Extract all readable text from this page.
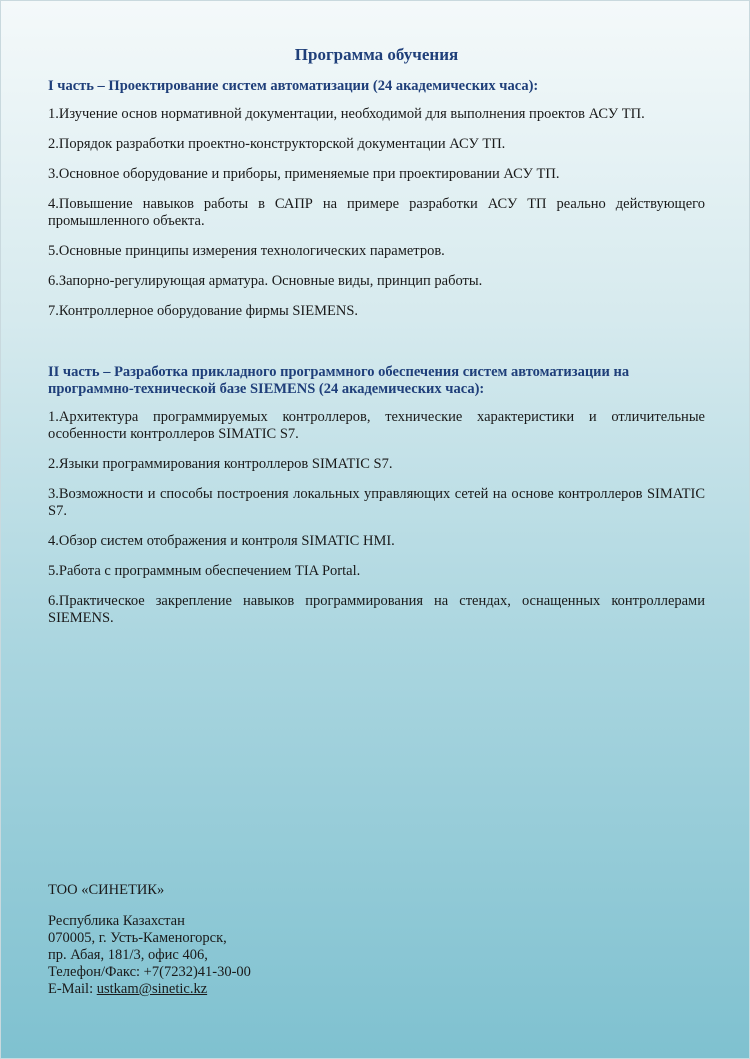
Программа обучения
I часть – Проектирование систем автоматизации (24 академических часа):
1.Изучение основ нормативной документации, необходимой для выполнения проектов АСУ ТП.
2.Порядок разработки проектно-конструкторской документации АСУ ТП.
3.Основное оборудование и приборы, применяемые при проектировании АСУ ТП.
4.Повышение навыков работы в САПР на примере разработки АСУ ТП реально действующего промышленного объекта.
5.Основные принципы измерения технологических параметров.
6.Запорно-регулирующая арматура. Основные виды, принцип работы.
7.Контроллерное оборудование фирмы SIEMENS.
II часть – Разработка прикладного программного обеспечения систем автоматизации на программно-технической базе SIEMENS (24 академических часа):
1.Архитектура программируемых контроллеров, технические характеристики и отличительные особенности контроллеров SIMATIC S7.
2.Языки программирования контроллеров SIMATIC S7.
3.Возможности и способы построения локальных управляющих сетей на основе контроллеров SIMATIC S7.
4.Обзор систем отображения и контроля SIMATIC HMI.
5.Работа с программным обеспечением TIA Portal.
6.Практическое закрепление навыков программирования на стендах, оснащенных контроллерами SIEMENS.

ТОО «СИНЕТИК»

Республика Казахстан

070005, г. Усть-Каменогорск,

пр. Абая, 181/3, офис 406,

Телефон/Факс: +7(7232)41-30-00

E-Mail: ustkam@sinetic.kz
